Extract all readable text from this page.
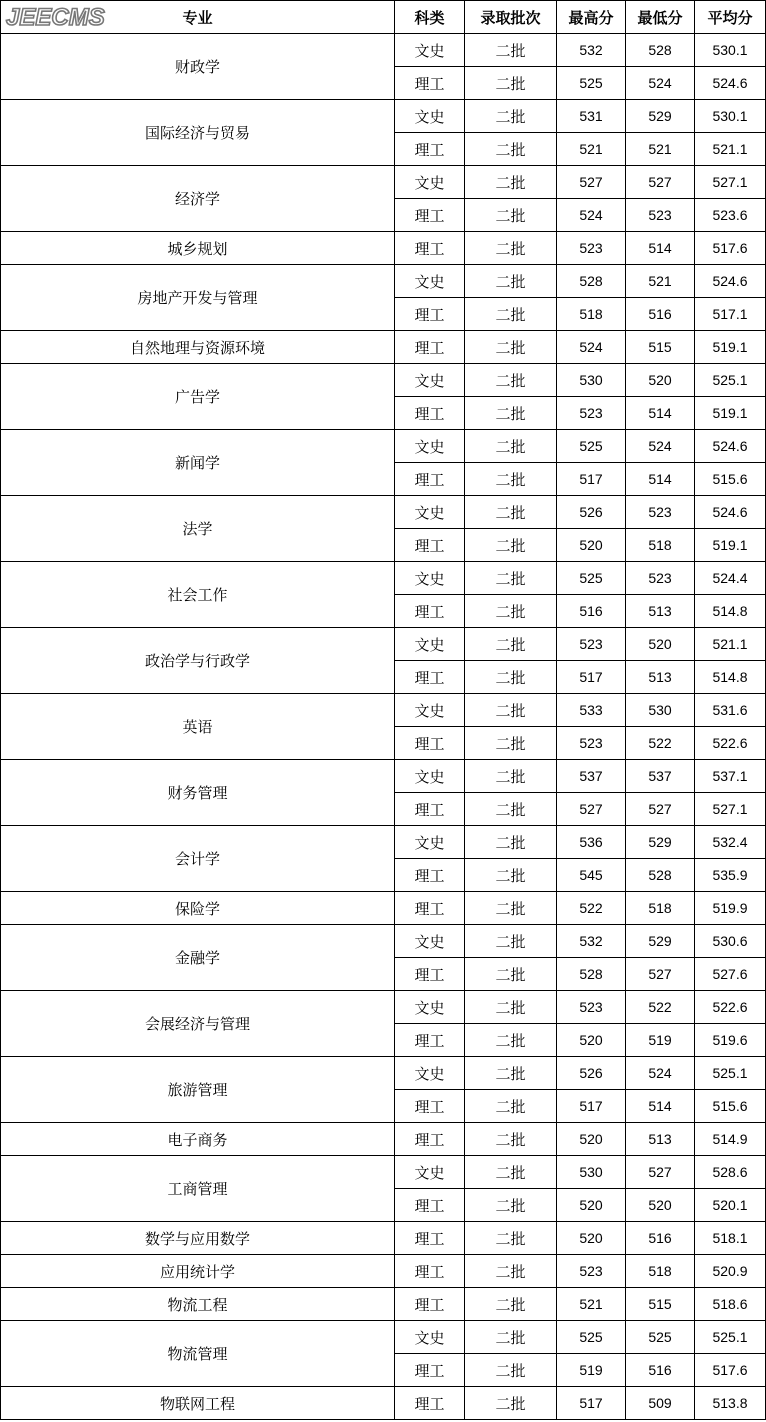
JEECMS 专业	科类	录取批次	最高分	最低分	平均分
财政学	文史	二批	532	528	530.1
	理工	二批	525	524	524.6
国际经济与贸易	文史	二批	531	529	530.1
	理工	二批	521	521	521.1
经济学	文史	二批	527	527	527.1
	理工	二批	524	523	523.6
城乡规划	理工	二批	523	514	517.6
房地产开发与管理	文史	二批	528	521	524.6
	理工	二批	518	516	517.1
自然地理与资源环境	理工	二批	524	515	519.1
广告学	文史	二批	530	520	525.1
	理工	二批	523	514	519.1
新闻学	文史	二批	525	524	524.6
	理工	二批	517	514	515.6
法学	文史	二批	526	523	524.6
	理工	二批	520	518	519.1
社会工作	文史	二批	525	523	524.4
	理工	二批	516	513	514.8
政治学与行政学	文史	二批	523	520	521.1
	理工	二批	517	513	514.8
英语	文史	二批	533	530	531.6
	理工	二批	523	522	522.6
财务管理	文史	二批	537	537	537.1
	理工	二批	527	527	527.1
会计学	文史	二批	536	529	532.4
	理工	二批	545	528	535.9
保险学	理工	二批	522	518	519.9
金融学	文史	二批	532	529	530.6
	理工	二批	528	527	527.6
会展经济与管理	文史	二批	523	522	522.6
	理工	二批	520	519	519.6
旅游管理	文史	二批	526	524	525.1
	理工	二批	517	514	515.6
电子商务	理工	二批	520	513	514.9
工商管理	文史	二批	530	527	528.6
	理工	二批	520	520	520.1
数学与应用数学	理工	二批	520	516	518.1
应用统计学	理工	二批	523	518	520.9
物流工程	理工	二批	521	515	518.6
物流管理	文史	二批	525	525	525.1
	理工	二批	519	516	517.6
物联网工程	理工	二批	517	509	513.8
